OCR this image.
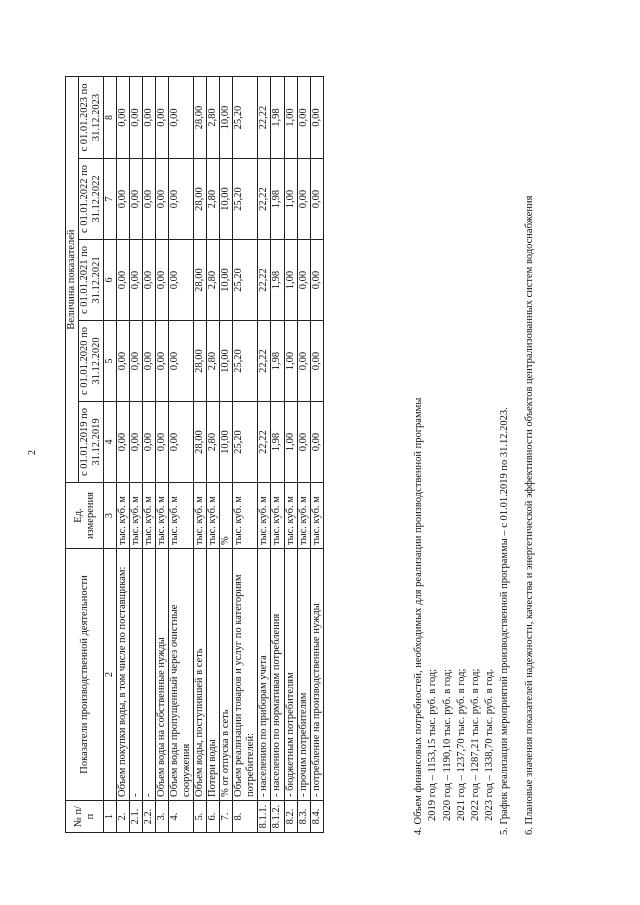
2
№ п/п	Показатели производственной деятельности	Ед. измерения	Величина показателей				
			с 01.01.2019 по 31.12.2019	с 01.01.2020 по 31.12.2020	с 01.01.2021 по 31.12.2021	с 01.01.2022 по 31.12.2022	с 01.01.2023 по 31.12.2023
1	2	3	4	5	6	7	8
2.	Объем покупки воды, в том числе по поставщикам:	тыс. куб. м	0,00	0,00	0,00	0,00	0,00
2.1.	-	тыс. куб. м	0,00	0,00	0,00	0,00	0,00
2.2.	-	тыс. куб. м	0,00	0,00	0,00	0,00	0,00
3.	Объем воды на собственные нужды	тыс. куб. м	0,00	0,00	0,00	0,00	0,00
4.	Объем воды пропущенный через очистные сооружения	тыс. куб. м	0,00	0,00	0,00	0,00	0,00
5.	Объем воды, поступившей в сеть	тыс. куб. м	28,00	28,00	28,00	28,00	28,00
6.	Потери воды	тыс. куб. м	2,80	2,80	2,80	2,80	2,80
7.	% от отпуска в сеть	%	10,00	10,00	10,00	10,00	10,00
8.	Объем реализации товаров и услуг по категориям потребителей:	тыс. куб. м	25,20	25,20	25,20	25,20	25,20
8.1.1.	- населению по приборам учета	тыс. куб. м	22,22	22,22	22,22	22,22	22,22
8.1.2.	- населению по нормативам потребления	тыс. куб. м	1,98	1,98	1,98	1,98	1,98
8.2.	- бюджетным потребителям	тыс. куб. м	1,00	1,00	1,00	1,00	1,00
8.3.	- прочим потребителям	тыс. куб. м	0,00	0,00	0,00	0,00	0,00
8.4.	- потребление на производственные нужды	тыс. куб. м	0,00	0,00	0,00	0,00	0,00
4. Объем финансовых потребностей, необходимых для реализации производственной программы 2019 год – 1153,15 тыс. руб. в год; 2020 год – 1190,10 тыс. руб. в год; 2021 год – 1237,70 тыс. руб. в год; 2022 год – 1287,21 тыс. руб. в год; 2023 год – 1338,70 тыс. руб. в год. 5. График реализации мероприятий производственной программы – с 01.01.2019 по 31.12.2023. 6. Плановые значения показателей надежности, качества и энергетической эффективности объектов централизованных систем водоснабжения
